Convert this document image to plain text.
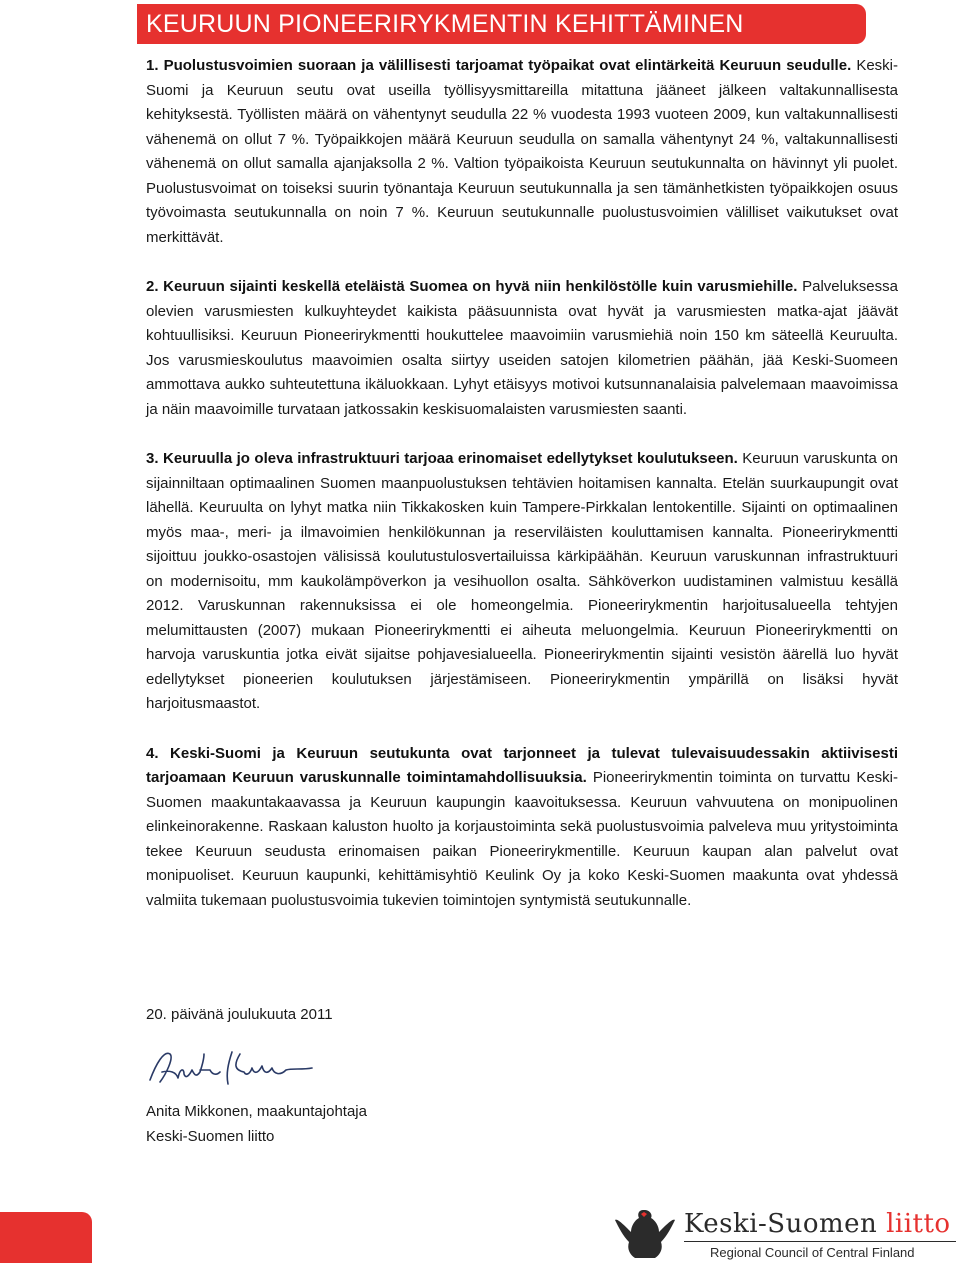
KEURUUN PIONEERIRYKMENTIN KEHITTÄMINEN

1. Puolustusvoimien suoraan ja välillisesti tarjoamat työpaikat ovat elintärkeitä Keuruun seudulle. Keski-Suomi ja Keuruun seutu ovat useilla työllisyysmittareilla mitattuna jääneet jälkeen valtakunnallisesta kehityksestä. Työllisten määrä on vähentynyt seudulla 22 % vuodesta 1993 vuoteen 2009, kun valtakunnallisesti vähenemä on ollut 7 %. Työpaikkojen määrä Keuruun seudulla on samalla vähentynyt 24 %, valtakunnallisesti vähenemä on ollut samalla ajanjaksolla 2 %. Valtion työpaikoista Keuruun seutukunnalta on hävinnyt yli puolet. Puolustusvoimat on toiseksi suurin työnantaja Keuruun seutukunnalla ja sen tämänhetkisten työpaikkojen osuus työvoimasta seutukunnalla on noin 7 %. Keuruun seutukunnalle puolustusvoimien välilliset vaikutukset ovat merkittävät.

2. Keuruun sijainti keskellä eteläistä Suomea on hyvä niin henkilöstölle kuin varusmiehille. Palveluksessa olevien varusmiesten kulkuyhteydet kaikista pääsuunnista ovat hyvät ja varusmiesten matka-ajat jäävät kohtuullisiksi. Keuruun Pioneerirykmentti houkuttelee maavoimiin varusmiehiä noin 150 km säteellä Keuruulta. Jos varusmieskoulutus maavoimien osalta siirtyy useiden satojen kilometrien päähän, jää Keski-Suomeen ammottava aukko suhteutettuna ikäluokkaan. Lyhyt etäisyys motivoi kutsunnanalaisia palvelemaan maavoimissa ja näin maavoimille turvataan jatkossakin keskisuomalaisten varusmiesten saanti.

3. Keuruulla jo oleva infrastruktuuri tarjoaa erinomaiset edellytykset koulutukseen. Keuruun varuskunta on sijainniltaan optimaalinen Suomen maanpuolustuksen tehtävien hoitamisen kannalta. Etelän suurkaupungit ovat lähellä. Keuruulta on lyhyt matka niin Tikkakosken kuin Tampere-Pirkkalan lentokentille. Sijainti on optimaalinen myös maa-, meri- ja ilmavoimien henkilökunnan ja reserviläisten kouluttamisen kannalta. Pioneerirykmentti sijoittuu joukko-osastojen välisissä koulutustulosvertailuissa kärkipäähän. Keuruun varuskunnan infrastruktuuri on modernisoitu, mm kaukolämpöverkon ja vesihuollon osalta. Sähköverkon uudistaminen valmistuu kesällä 2012. Varuskunnan rakennuksissa ei ole homeongelmia. Pioneerirykmentin harjoitusalueella tehtyjen melumittausten (2007) mukaan Pioneerirykmentti ei aiheuta meluongelmia. Keuruun Pioneerirykmentti on harvoja varuskuntia jotka eivät sijaitse pohjavesialueella. Pioneerirykmentin sijainti vesistön äärellä luo hyvät edellytykset pioneerien koulutuksen järjestämiseen. Pioneerirykmentin ympärillä on lisäksi hyvät harjoitusmaastot.

4. Keski-Suomi ja Keuruun seutukunta ovat tarjonneet ja tulevat tulevaisuudessakin aktiivisesti tarjoamaan Keuruun varuskunnalle toimintamahdollisuuksia. Pioneerirykmentin toiminta on turvattu Keski-Suomen maakuntakaavassa ja Keuruun kaupungin kaavoituksessa. Keuruun vahvuutena on monipuolinen elinkeinorakenne. Raskaan kaluston huolto ja korjaustoiminta sekä puolustusvoimia palveleva muu yritystoiminta tekee Keuruun seudusta erinomaisen paikan Pioneerirykmentille. Keuruun kaupan alan palvelut ovat monipuoliset. Keuruun kaupunki, kehittämisyhtiö Keulink Oy ja koko Keski-Suomen maakunta ovat yhdessä valmiita tukemaan puolustusvoimia tukevien toimintojen syntymistä seutukunnalle.

20. päivänä joulukuuta 2011
Anita Mikkonen, maakuntajohtaja
Keski-Suomen liitto
Keski-Suomen liitto
Regional Council of Central Finland
